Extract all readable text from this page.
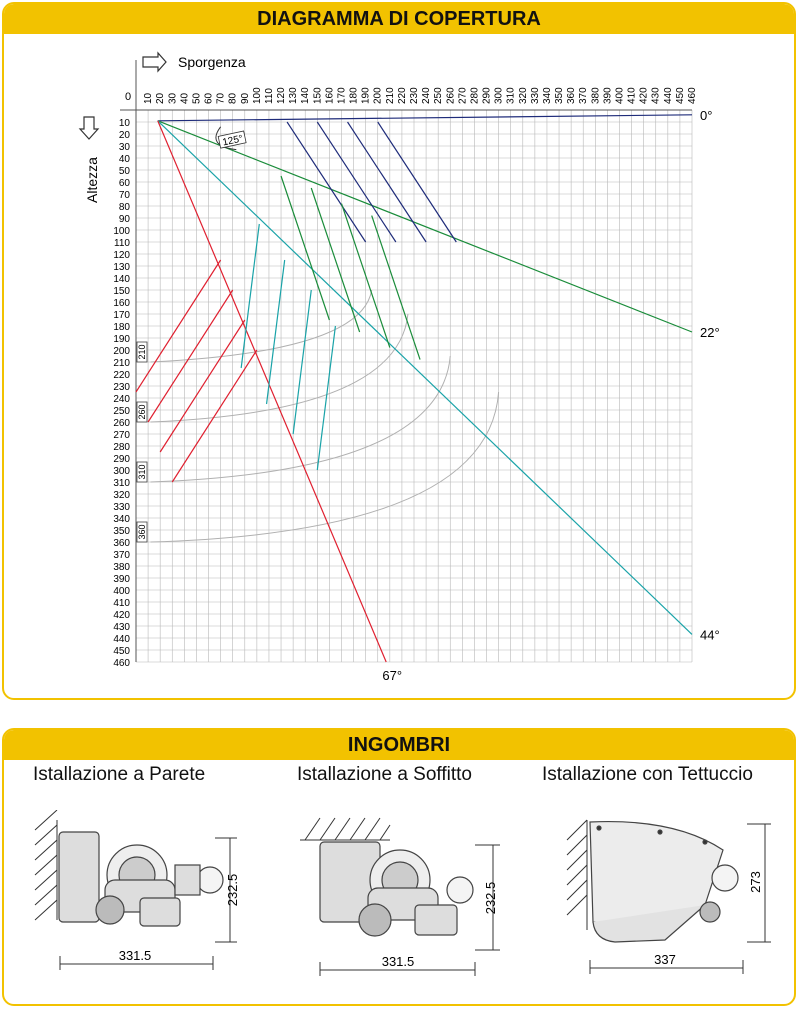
DIAGRAMMA DI COPERTURA
10 20 30 40 50 60 70 80 90 100 110 120 130 140 150 160 170 180 190 200 210 220 230 240 250 260 270 280 290 300 310 320 330 340 350 360 370 380 390 400 410 420 430 440 450 460
10
20
30
40
50
60
70
80
90
100
110
120
130
140
150
160
170
180
190
200
210
220
230
240
250
260
270
280
290
300
310
320
330
340
350
360
370
380
390
400
410
420
430
440
450
460
0°
22°
44°
67°
210
260
310
360
125°
Sporgenza
0
Altezza
INGOMBRI
Istallazione a Parete	Istallazione a Soffitto	Istallazione con Tettuccio
232.5
331.5
232.5
331.5
273
337
